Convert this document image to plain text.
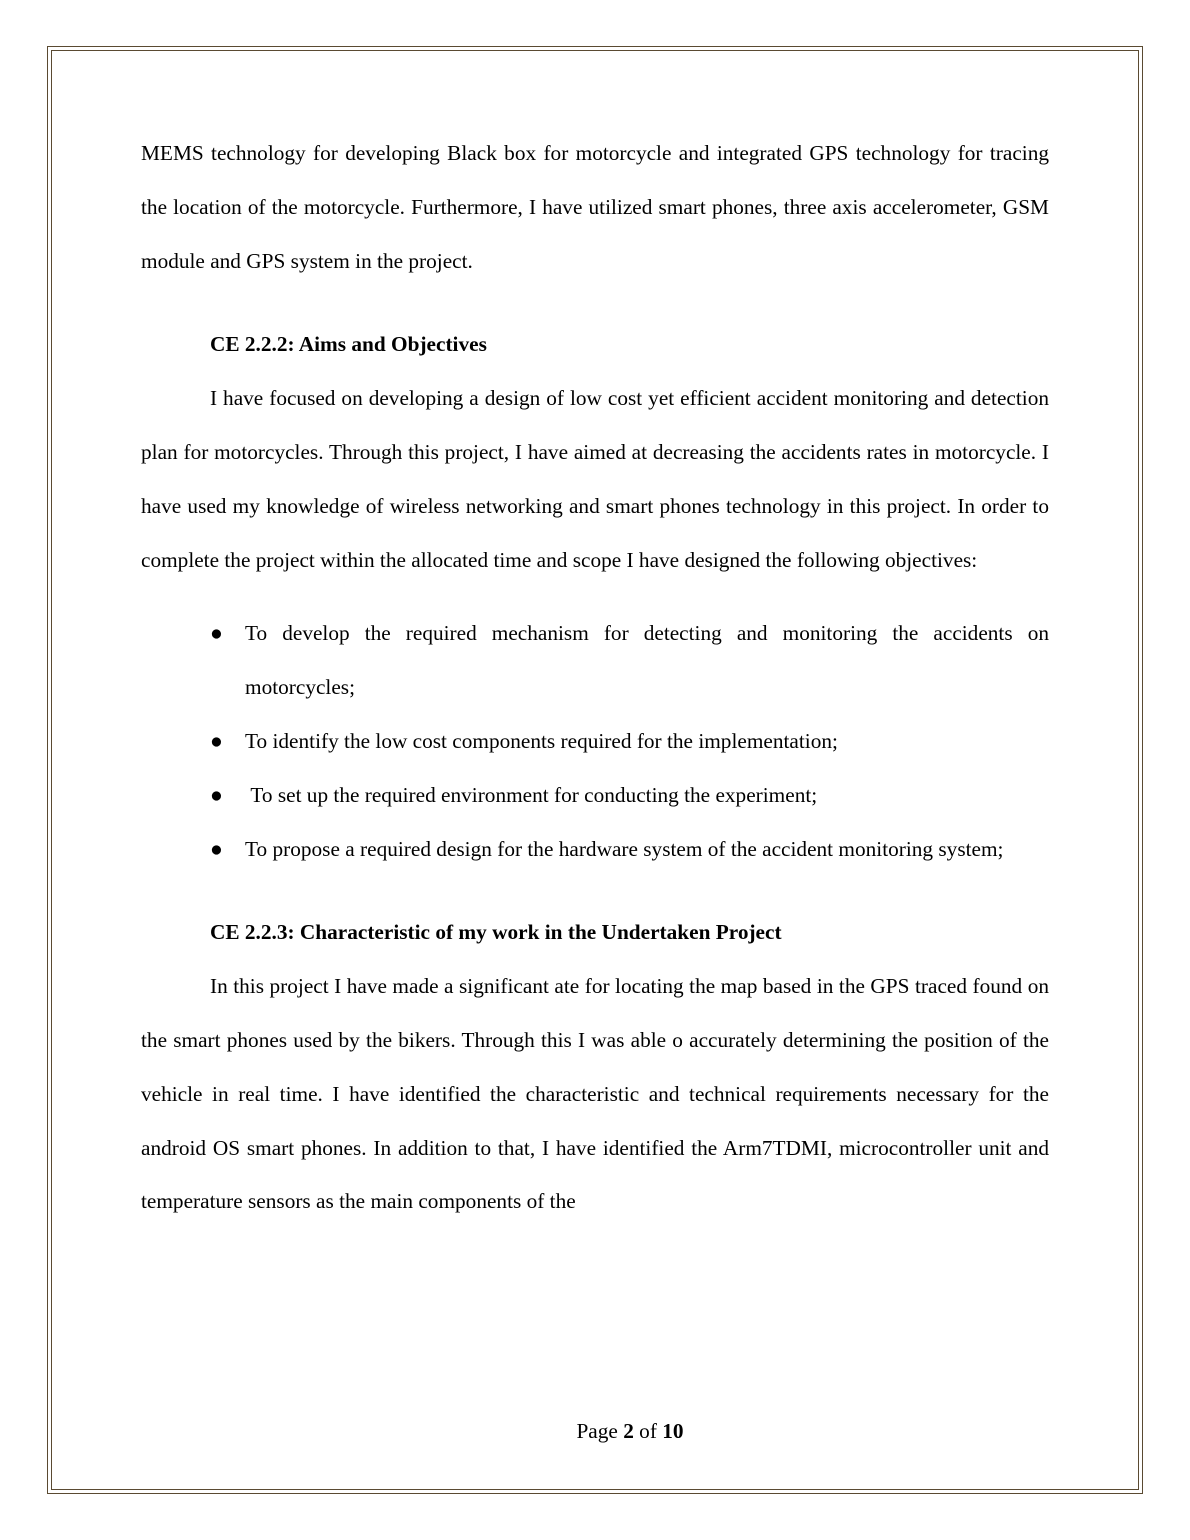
MEMS technology for developing Black box for motorcycle and integrated GPS technology for tracing the location of the motorcycle. Furthermore, I have utilized smart phones, three axis accelerometer, GSM module and GPS system in the project.

CE 2.2.2: Aims and Objectives

I have focused on developing a design of low cost yet efficient accident monitoring and detection plan for motorcycles. Through this project, I have aimed at decreasing the accidents rates in motorcycle. I have used my knowledge of wireless networking and smart phones technology in this project. In order to complete the project within the allocated time and scope I have designed the following objectives:

●	To develop the required mechanism for detecting and monitoring the accidents on motorcycles;
●	To identify the low cost components required for the implementation;
●	To set up the required environment for conducting the experiment;
●	To propose a required design for the hardware system of the accident monitoring system;
CE 2.2.3: Characteristic of my work in the Undertaken Project

In this project I have made a significant ate for locating the map based in the GPS traced found on the smart phones used by the bikers. Through this I was able o accurately determining the position of the vehicle in real time. I have identified the characteristic and technical requirements necessary for the android OS smart phones. In addition to that, I have identified the Arm7TDMI, microcontroller unit and temperature sensors as the main components of the

Page 2 of 10
